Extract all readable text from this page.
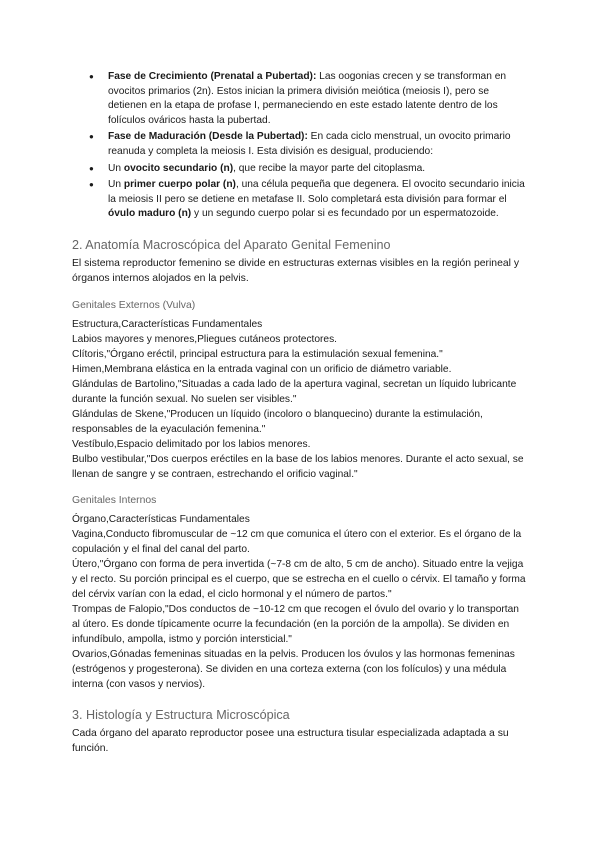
● Fase de Crecimiento (Prenatal a Pubertad): Las oogonias crecen y se transforman en ovocitos primarios (2n). Estos inician la primera división meiótica (meiosis I), pero se detienen en la etapa de profase I, permaneciendo en este estado latente dentro de los folículos ováricos hasta la pubertad.
● Fase de Maduración (Desde la Pubertad): En cada ciclo menstrual, un ovocito primario reanuda y completa la meiosis I. Esta división es desigual, produciendo:
● Un ovocito secundario (n), que recibe la mayor parte del citoplasma.
● Un primer cuerpo polar (n), una célula pequeña que degenera. El ovocito secundario inicia la meiosis II pero se detiene en metafase II. Solo completará esta división para formar el óvulo maduro (n) y un segundo cuerpo polar si es fecundado por un espermatozoide.
2. Anatomía Macroscópica del Aparato Genital Femenino

El sistema reproductor femenino se divide en estructuras externas visibles en la región perineal y órganos internos alojados en la pelvis.

Genitales Externos (Vulva)
Estructura,Características Fundamentales
Labios mayores y menores,Pliegues cutáneos protectores.
Clítoris,"Órgano eréctil, principal estructura para la estimulación sexual femenina."
Himen,Membrana elástica en la entrada vaginal con un orificio de diámetro variable.
Glándulas de Bartolino,"Situadas a cada lado de la apertura vaginal, secretan un líquido lubricante durante la función sexual. No suelen ser visibles."
Glándulas de Skene,"Producen un líquido (incoloro o blanquecino) durante la estimulación, responsables de la eyaculación femenina."
Vestíbulo,Espacio delimitado por los labios menores.
Bulbo vestibular,"Dos cuerpos eréctiles en la base de los labios menores. Durante el acto sexual, se llenan de sangre y se contraen, estrechando el orificio vaginal."
Genitales Internos
Órgano,Características Fundamentales
Vagina,Conducto fibromuscular de ~12 cm que comunica el útero con el exterior. Es el órgano de la copulación y el final del canal del parto.
Útero,"Órgano con forma de pera invertida (~7-8 cm de alto, 5 cm de ancho). Situado entre la vejiga y el recto. Su porción principal es el cuerpo, que se estrecha en el cuello o cérvix. El tamaño y forma del cérvix varían con la edad, el ciclo hormonal y el número de partos."
Trompas de Falopio,"Dos conductos de ~10-12 cm que recogen el óvulo del ovario y lo transportan al útero. Es donde típicamente ocurre la fecundación (en la porción de la ampolla). Se dividen en infundíbulo, ampolla, istmo y porción intersticial."
Ovarios,Gónadas femeninas situadas en la pelvis. Producen los óvulos y las hormonas femeninas (estrógenos y progesterona). Se dividen en una corteza externa (con los folículos) y una médula interna (con vasos y nervios).
3. Histología y Estructura Microscópica

Cada órgano del aparato reproductor posee una estructura tisular especializada adaptada a su función.
